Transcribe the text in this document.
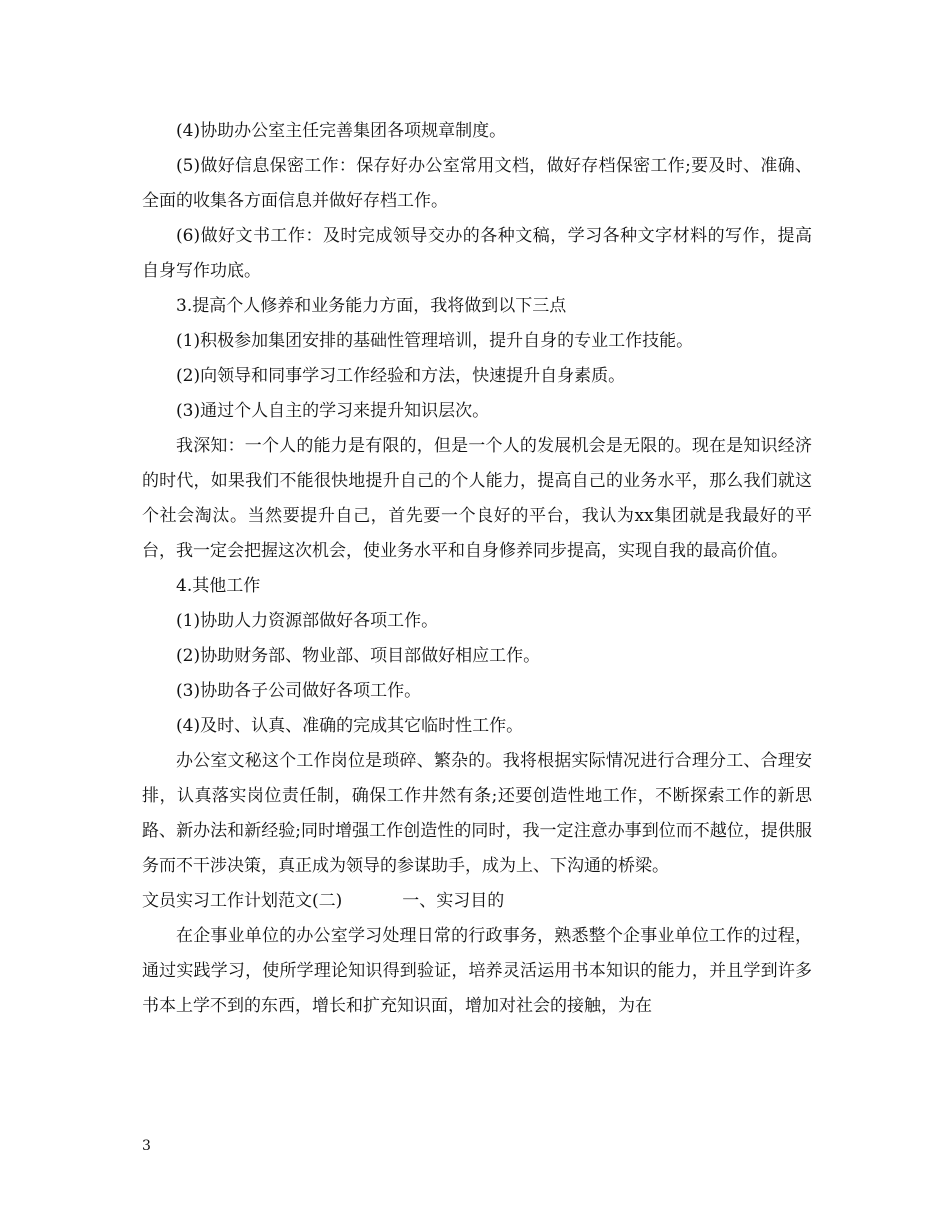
(4)协助办公室主任完善集团各项规章制度。

(5)做好信息保密工作：保存好办公室常用文档，做好存档保密工作;要及时、准确、全面的收集各方面信息并做好存档工作。

(6)做好文书工作：及时完成领导交办的各种文稿，学习各种文字材料的写作，提高自身写作功底。

3.提高个人修养和业务能力方面，我将做到以下三点

(1)积极参加集团安排的基础性管理培训，提升自身的专业工作技能。

(2)向领导和同事学习工作经验和方法，快速提升自身素质。

(3)通过个人自主的学习来提升知识层次。

我深知：一个人的能力是有限的，但是一个人的发展机会是无限的。现在是知识经济的时代，如果我们不能很快地提升自己的个人能力，提高自己的业务水平，那么我们就这个社会淘汰。当然要提升自己，首先要一个良好的平台，我认为xx集团就是我最好的平台，我一定会把握这次机会，使业务水平和自身修养同步提高，实现自我的最高价值。

4.其他工作

(1)协助人力资源部做好各项工作。

(2)协助财务部、物业部、项目部做好相应工作。

(3)协助各子公司做好各项工作。

(4)及时、认真、准确的完成其它临时性工作。

办公室文秘这个工作岗位是琐碎、繁杂的。我将根据实际情况进行合理分工、合理安排，认真落实岗位责任制，确保工作井然有条;还要创造性地工作，不断探索工作的新思路、新办法和新经验;同时增强工作创造性的同时，我一定注意办事到位而不越位，提供服务而不干涉决策，真正成为领导的参谋助手，成为上、下沟通的桥梁。

文员实习工作计划范文(二)	一、实习目的

在企事业单位的办公室学习处理日常的行政事务，熟悉整个企事业单位工作的过程，通过实践学习，使所学理论知识得到验证，培养灵活运用书本知识的能力，并且学到许多书本上学不到的东西，增长和扩充知识面，增加对社会的接触，为在

3
